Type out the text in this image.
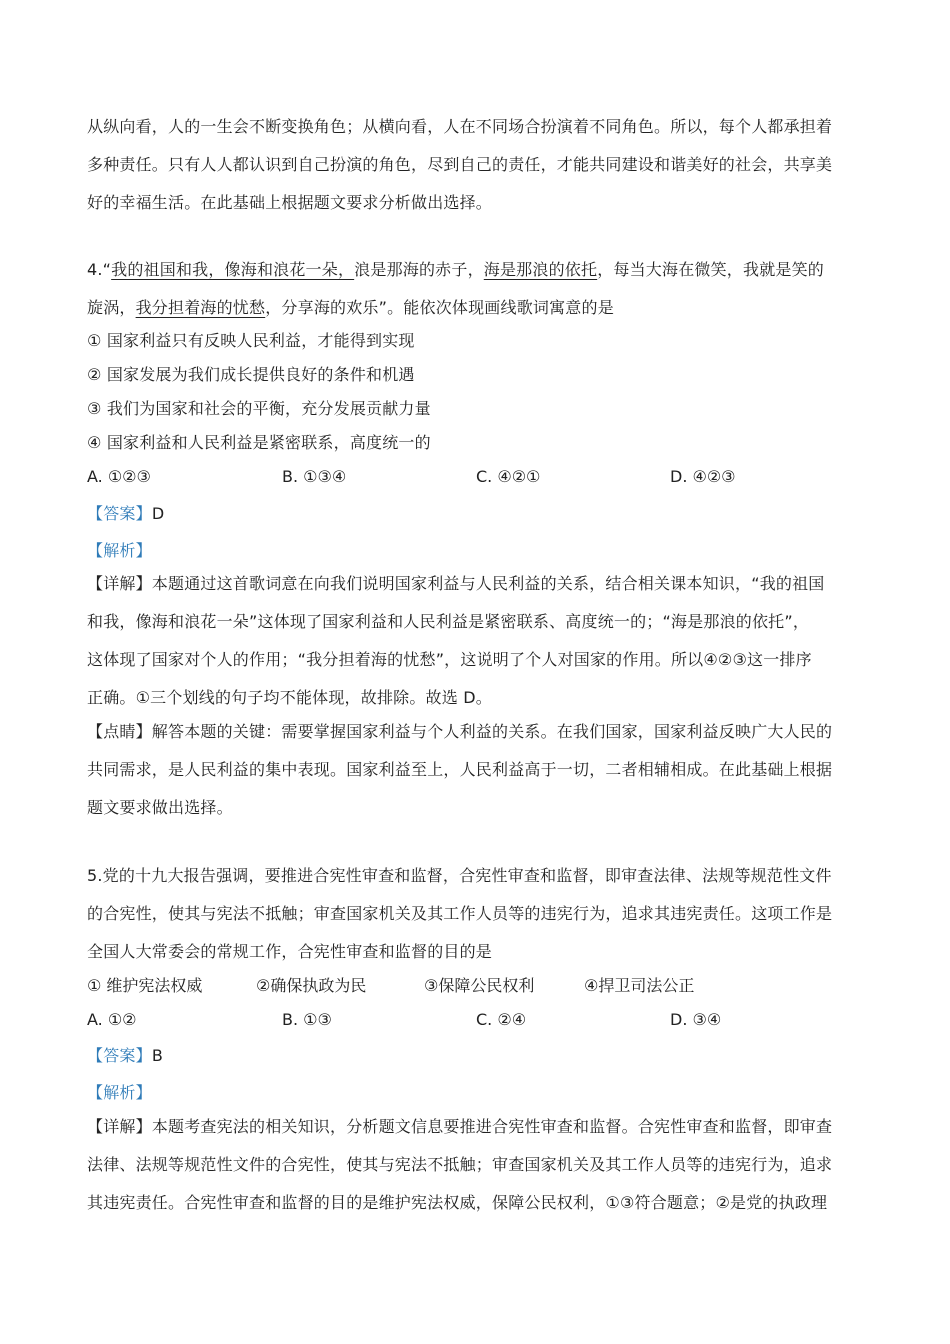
从纵向看，人的一生会不断变换角色；从横向看，人在不同场合扮演着不同角色。所以，每个人都承担着
多种责任。只有人人都认识到自己扮演的角色，尽到自己的责任，才能共同建设和谐美好的社会，共享美
好的幸福生活。在此基础上根据题文要求分析做出选择。
4.“我的祖国和我，像海和浪花一朵，浪是那海的赤子，海是那浪的依托，每当大海在微笑，我就是笑的
旋涡，我分担着海的忧愁，分享海的欢乐”。能依次体现画线歌词寓意的是
① 国家利益只有反映人民利益，才能得到实现
② 国家发展为我们成长提供良好的条件和机遇
③ 我们为国家和社会的平衡，充分发展贡献力量
④ 国家利益和人民利益是紧密联系，高度统一的
A. ①②③	B. ①③④	C. ④②①	D. ④②③
【答案】D
【解析】
【详解】本题通过这首歌词意在向我们说明国家利益与人民利益的关系，结合相关课本知识，“我的祖国
和我，像海和浪花一朵”这体现了国家利益和人民利益是紧密联系、高度统一的；“海是那浪的依托”，
这体现了国家对个人的作用；“我分担着海的忧愁”，这说明了个人对国家的作用。所以④②③这一排序
正确。①三个划线的句子均不能体现，故排除。故选 D。
【点睛】解答本题的关键：需要掌握国家利益与个人利益的关系。在我们国家，国家利益反映广大人民的
共同需求，是人民利益的集中表现。国家利益至上，人民利益高于一切，二者相辅相成。在此基础上根据
题文要求做出选择。
5.党的十九大报告强调，要推进合宪性审查和监督，合宪性审查和监督，即审查法律、法规等规范性文件
的合宪性，使其与宪法不抵触；审查国家机关及其工作人员等的违宪行为，追求其违宪责任。这项工作是
全国人大常委会的常规工作，合宪性审查和监督的目的是
① 维护宪法权威	②确保执政为民	③保障公民权利	④捍卫司法公正
A. ①②	B. ①③	C. ②④	D. ③④
【答案】B
【解析】
【详解】本题考查宪法的相关知识，分析题文信息要推进合宪性审查和监督。合宪性审查和监督，即审查
法律、法规等规范性文件的合宪性，使其与宪法不抵触；审查国家机关及其工作人员等的违宪行为，追求
其违宪责任。合宪性审查和监督的目的是维护宪法权威，保障公民权利，①③符合题意；②是党的执政理
